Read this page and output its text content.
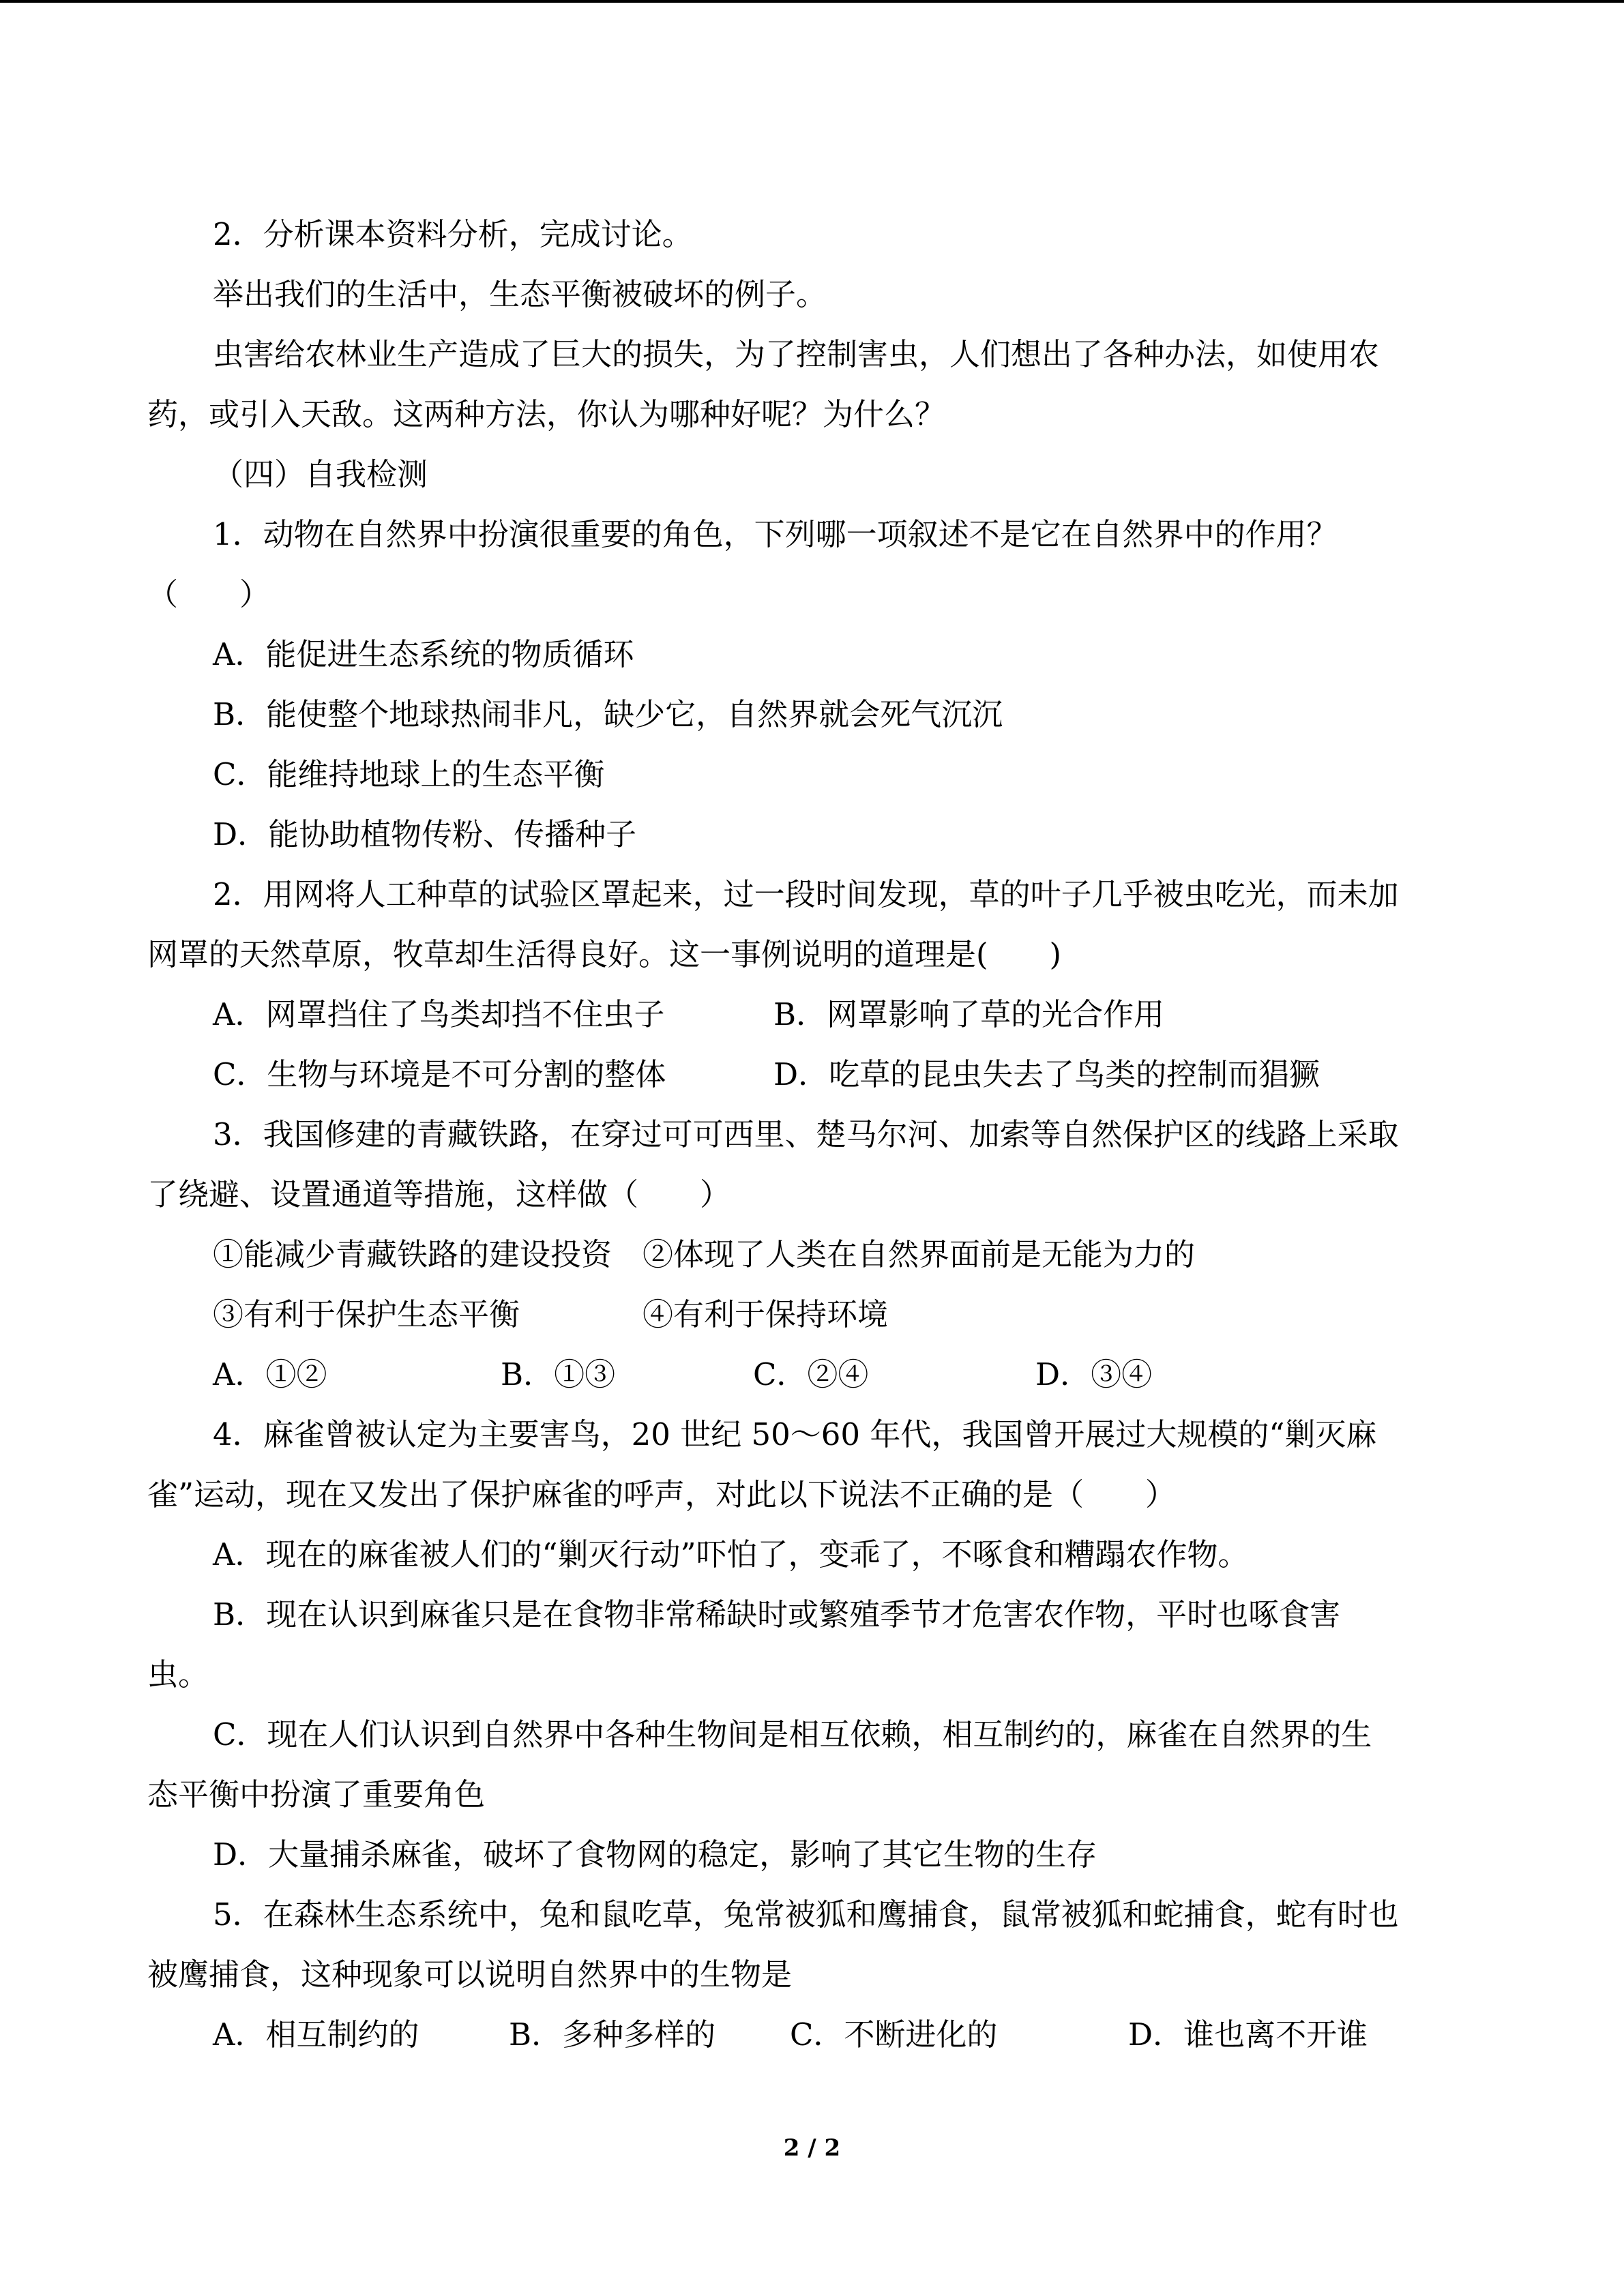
2．分析课本资料分析，完成讨论。
举出我们的生活中，生态平衡被破坏的例子。
虫害给农林业生产造成了巨大的损失，为了控制害虫，人们想出了各种办法，如使用农
药，或引入天敌。这两种方法，你认为哪种好呢？为什么？
（四）自我检测
1．动物在自然界中扮演很重要的角色，下列哪一项叙述不是它在自然界中的作用？
（　　）
A．能促进生态系统的物质循环
B．能使整个地球热闹非凡，缺少它，自然界就会死气沉沉
C．能维持地球上的生态平衡
D．能协助植物传粉、传播种子
2．用网将人工种草的试验区罩起来，过一段时间发现，草的叶子几乎被虫吃光，而未加
网罩的天然草原，牧草却生活得良好。这一事例说明的道理是(　　)
A．网罩挡住了鸟类却挡不住虫子	B．网罩影响了草的光合作用
C．生物与环境是不可分割的整体	D．吃草的昆虫失去了鸟类的控制而猖獗
3．我国修建的青藏铁路，在穿过可可西里、楚马尔河、加索等自然保护区的线路上采取
了绕避、设置通道等措施，这样做（　　）
①能减少青藏铁路的建设投资 ②体现了人类在自然界面前是无能为力的
③有利于保护生态平衡	④有利于保持环境
A．①②	B．①③	C．②④	D．③④
4．麻雀曾被认定为主要害鸟，20 世纪 50～60 年代，我国曾开展过大规模的“剿灭麻
雀”运动，现在又发出了保护麻雀的呼声，对此以下说法不正确的是（　　）
A．现在的麻雀被人们的“剿灭行动”吓怕了，变乖了，不啄食和糟蹋农作物。
B．现在认识到麻雀只是在食物非常稀缺时或繁殖季节才危害农作物，平时也啄食害
虫。
C．现在人们认识到自然界中各种生物间是相互依赖，相互制约的，麻雀在自然界的生
态平衡中扮演了重要角色
D．大量捕杀麻雀，破坏了食物网的稳定，影响了其它生物的生存
5．在森林生态系统中，兔和鼠吃草，兔常被狐和鹰捕食，鼠常被狐和蛇捕食，蛇有时也
被鹰捕食，这种现象可以说明自然界中的生物是
A．相互制约的	B．多种多样的	C．不断进化的	D．谁也离不开谁
2 / 2
